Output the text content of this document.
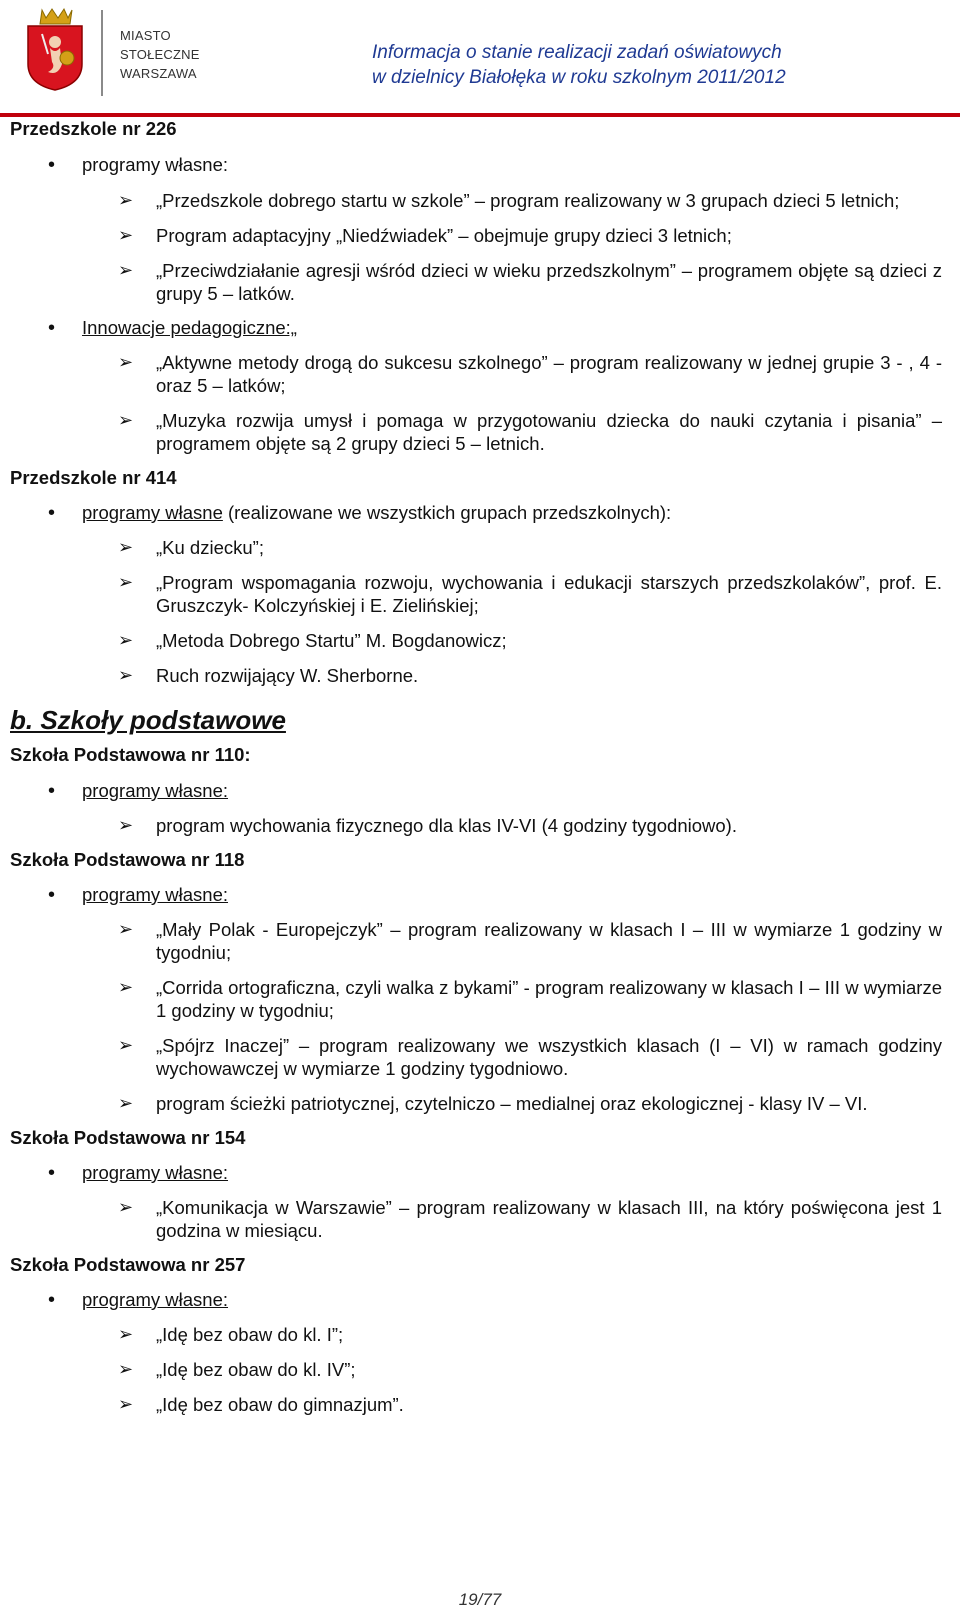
MIASTO
STOŁECZNE
WARSZAWA
Informacja o stanie realizacji zadań oświatowych
w dzielnicy Białołęka w roku szkolnym 2011/2012

Przedszkole nr 226

• programy własne:

➢ „Przedszkole dobrego startu w szkole” – program realizowany w 3 grupach dzieci 5 letnich;
➢ Program adaptacyjny „Niedźwiadek” – obejmuje grupy dzieci 3 letnich;
➢ „Przeciwdziałanie agresji wśród dzieci w wieku przedszkolnym” – programem objęte są dzieci z grupy 5 – latków.

• Innowacje pedagogiczne:„

➢ „Aktywne metody drogą do sukcesu szkolnego” – program realizowany w jednej grupie 3 - , 4 - oraz 5 – latków;
➢ „Muzyka rozwija umysł i pomaga w przygotowaniu dziecka do nauki czytania i pisania” – programem objęte są 2 grupy dzieci 5 – letnich.

Przedszkole nr 414

• programy własne (realizowane we wszystkich grupach przedszkolnych):

➢ „Ku dziecku”;
➢ „Program wspomagania rozwoju, wychowania i edukacji starszych przedszkolaków”, prof. E. Gruszczyk- Kolczyńskiej i E. Zielińskiej;
➢ „Metoda Dobrego Startu” M. Bogdanowicz;
➢ Ruch rozwijający W. Sherborne.

b. Szkoły podstawowe

Szkoła Podstawowa nr 110:

• programy własne:

➢ program wychowania fizycznego dla klas IV-VI (4 godziny tygodniowo).

Szkoła Podstawowa nr 118

• programy własne:

➢ „Mały Polak - Europejczyk” – program realizowany w klasach I – III w wymiarze 1 godziny w tygodniu;
➢ „Corrida ortograficzna, czyli walka z bykami” - program realizowany w klasach I – III w wymiarze 1 godziny w tygodniu;
➢ „Spójrz Inaczej” – program realizowany we wszystkich klasach (I – VI) w ramach godziny wychowawczej w wymiarze 1 godziny tygodniowo.
➢ program ścieżki patriotycznej, czytelniczo – medialnej oraz ekologicznej - klasy IV – VI.

Szkoła Podstawowa nr 154

• programy własne:

➢ „Komunikacja w Warszawie” – program realizowany w klasach III, na który poświęcona jest 1 godzina w miesiącu.

Szkoła Podstawowa nr 257

• programy własne:

➢ „Idę bez obaw do kl. I”;
➢ „Idę bez obaw do kl. IV”;
➢ „Idę bez obaw do gimnazjum”.
19/77
